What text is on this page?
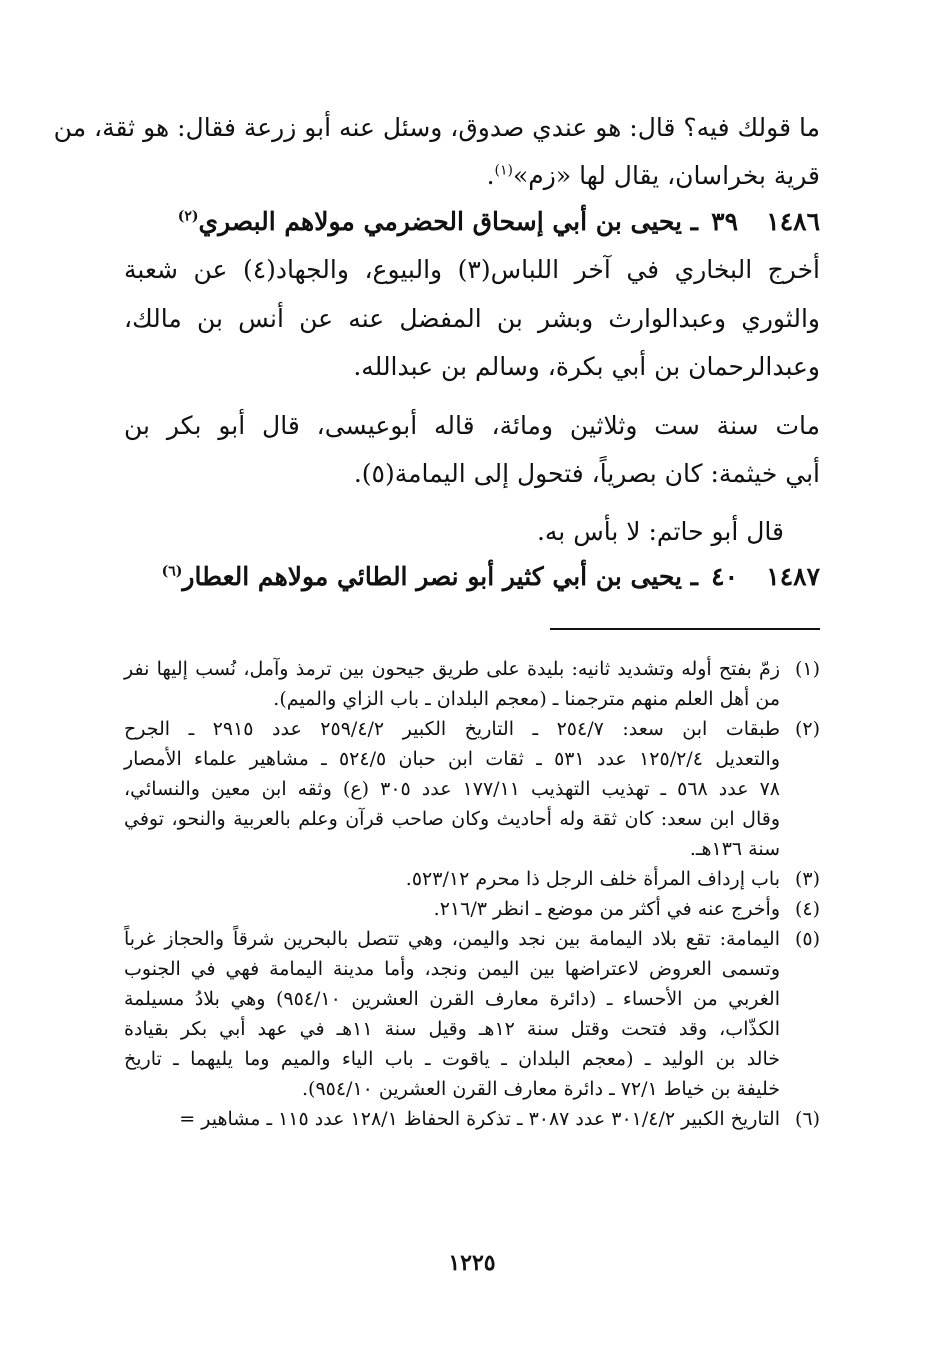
ما قولك فيه؟ قال: هو عندي صدوق، وسئل عنه أبو زرعة فقال: هو ثقة، من
قرية بخراسان، يقال لها «زم»$^{(١)}$.
١٤٨٦٣٩ـ يحيى بن أبي إسحاق الحضرمي مولاهم البصري$^{(٢)}$
أخرج البخاري في آخر اللباس(٣) والبيوع، والجهاد(٤) عن شعبة
والثوري وعبدالوارث وبشر بن المفضل عنه عن أنس بن مالك،
وعبدالرحمان بن أبي بكرة، وسالم بن عبدالله.
مات سنة ست وثلاثين ومائة، قاله أبوعيسى، قال أبو بكر بن
أبي خيثمة: كان بصرياً، فتحول إلى اليمامة(٥).
قال أبو حاتم: لا بأس به.
١٤٨٧٤٠ـ يحيى بن أبي كثير أبو نصر الطائي مولاهم العطار$^{(٦)}$
(١)
زمّ بفتح أوله وتشديد ثانيه: بليدة على طريق جيحون بين ترمذ وآمل، نُسب إليها نفر
من أهل العلم منهم مترجمنا ـ (معجم البلدان ـ باب الزاي والميم).
(٢)
طبقات ابن سعد: ٢٥٤/٧ ـ التاريخ الكبير ٢٥٩/٤/٢ عدد ٢٩١٥ ـ الجرح
والتعديل ١٢٥/٢/٤ عدد ٥٣١ ـ ثقات ابن حبان ٥٢٤/٥ ـ مشاهير علماء الأمصار
٧٨ عدد ٥٦٨ ـ تهذيب التهذيب ١٧٧/١١ عدد ٣٠٥ (ع) وثقه ابن معين والنسائي،
وقال ابن سعد: كان ثقة وله أحاديث وكان صاحب قرآن وعلم بالعربية والنحو، توفي
سنة ١٣٦هـ.
(٣)
باب إرداف المرأة خلف الرجل ذا محرم ٥٢٣/١٢.
(٤)
وأخرج عنه في أكثر من موضع ـ انظر ٢١٦/٣.
(٥)
اليمامة: تقع بلاد اليمامة بين نجد واليمن، وهي تتصل بالبحرين شرقاً والحجاز غرباً
وتسمى العروض لاعتراضها بين اليمن ونجد، وأما مدينة اليمامة فهي في الجنوب
الغربي من الأحساء ـ (دائرة معارف القرن العشرين ٩٥٤/١٠) وهي بلادُ مسيلمة
الكذّاب، وقد فتحت وقتل سنة ١٢هـ وقيل سنة ١١هـ في عهد أبي بكر بقيادة
خالد بن الوليد ـ (معجم البلدان ـ ياقوت ـ باب الياء والميم وما يليهما ـ تاريخ
خليفة بن خياط ٧٢/١ ـ دائرة معارف القرن العشرين ٩٥٤/١٠).
(٦)
التاريخ الكبير ٣٠١/٤/٢ عدد ٣٠٨٧ ـ تذكرة الحفاظ ١٢٨/١ عدد ١١٥ ـ مشاهير =
١٢٢٥
